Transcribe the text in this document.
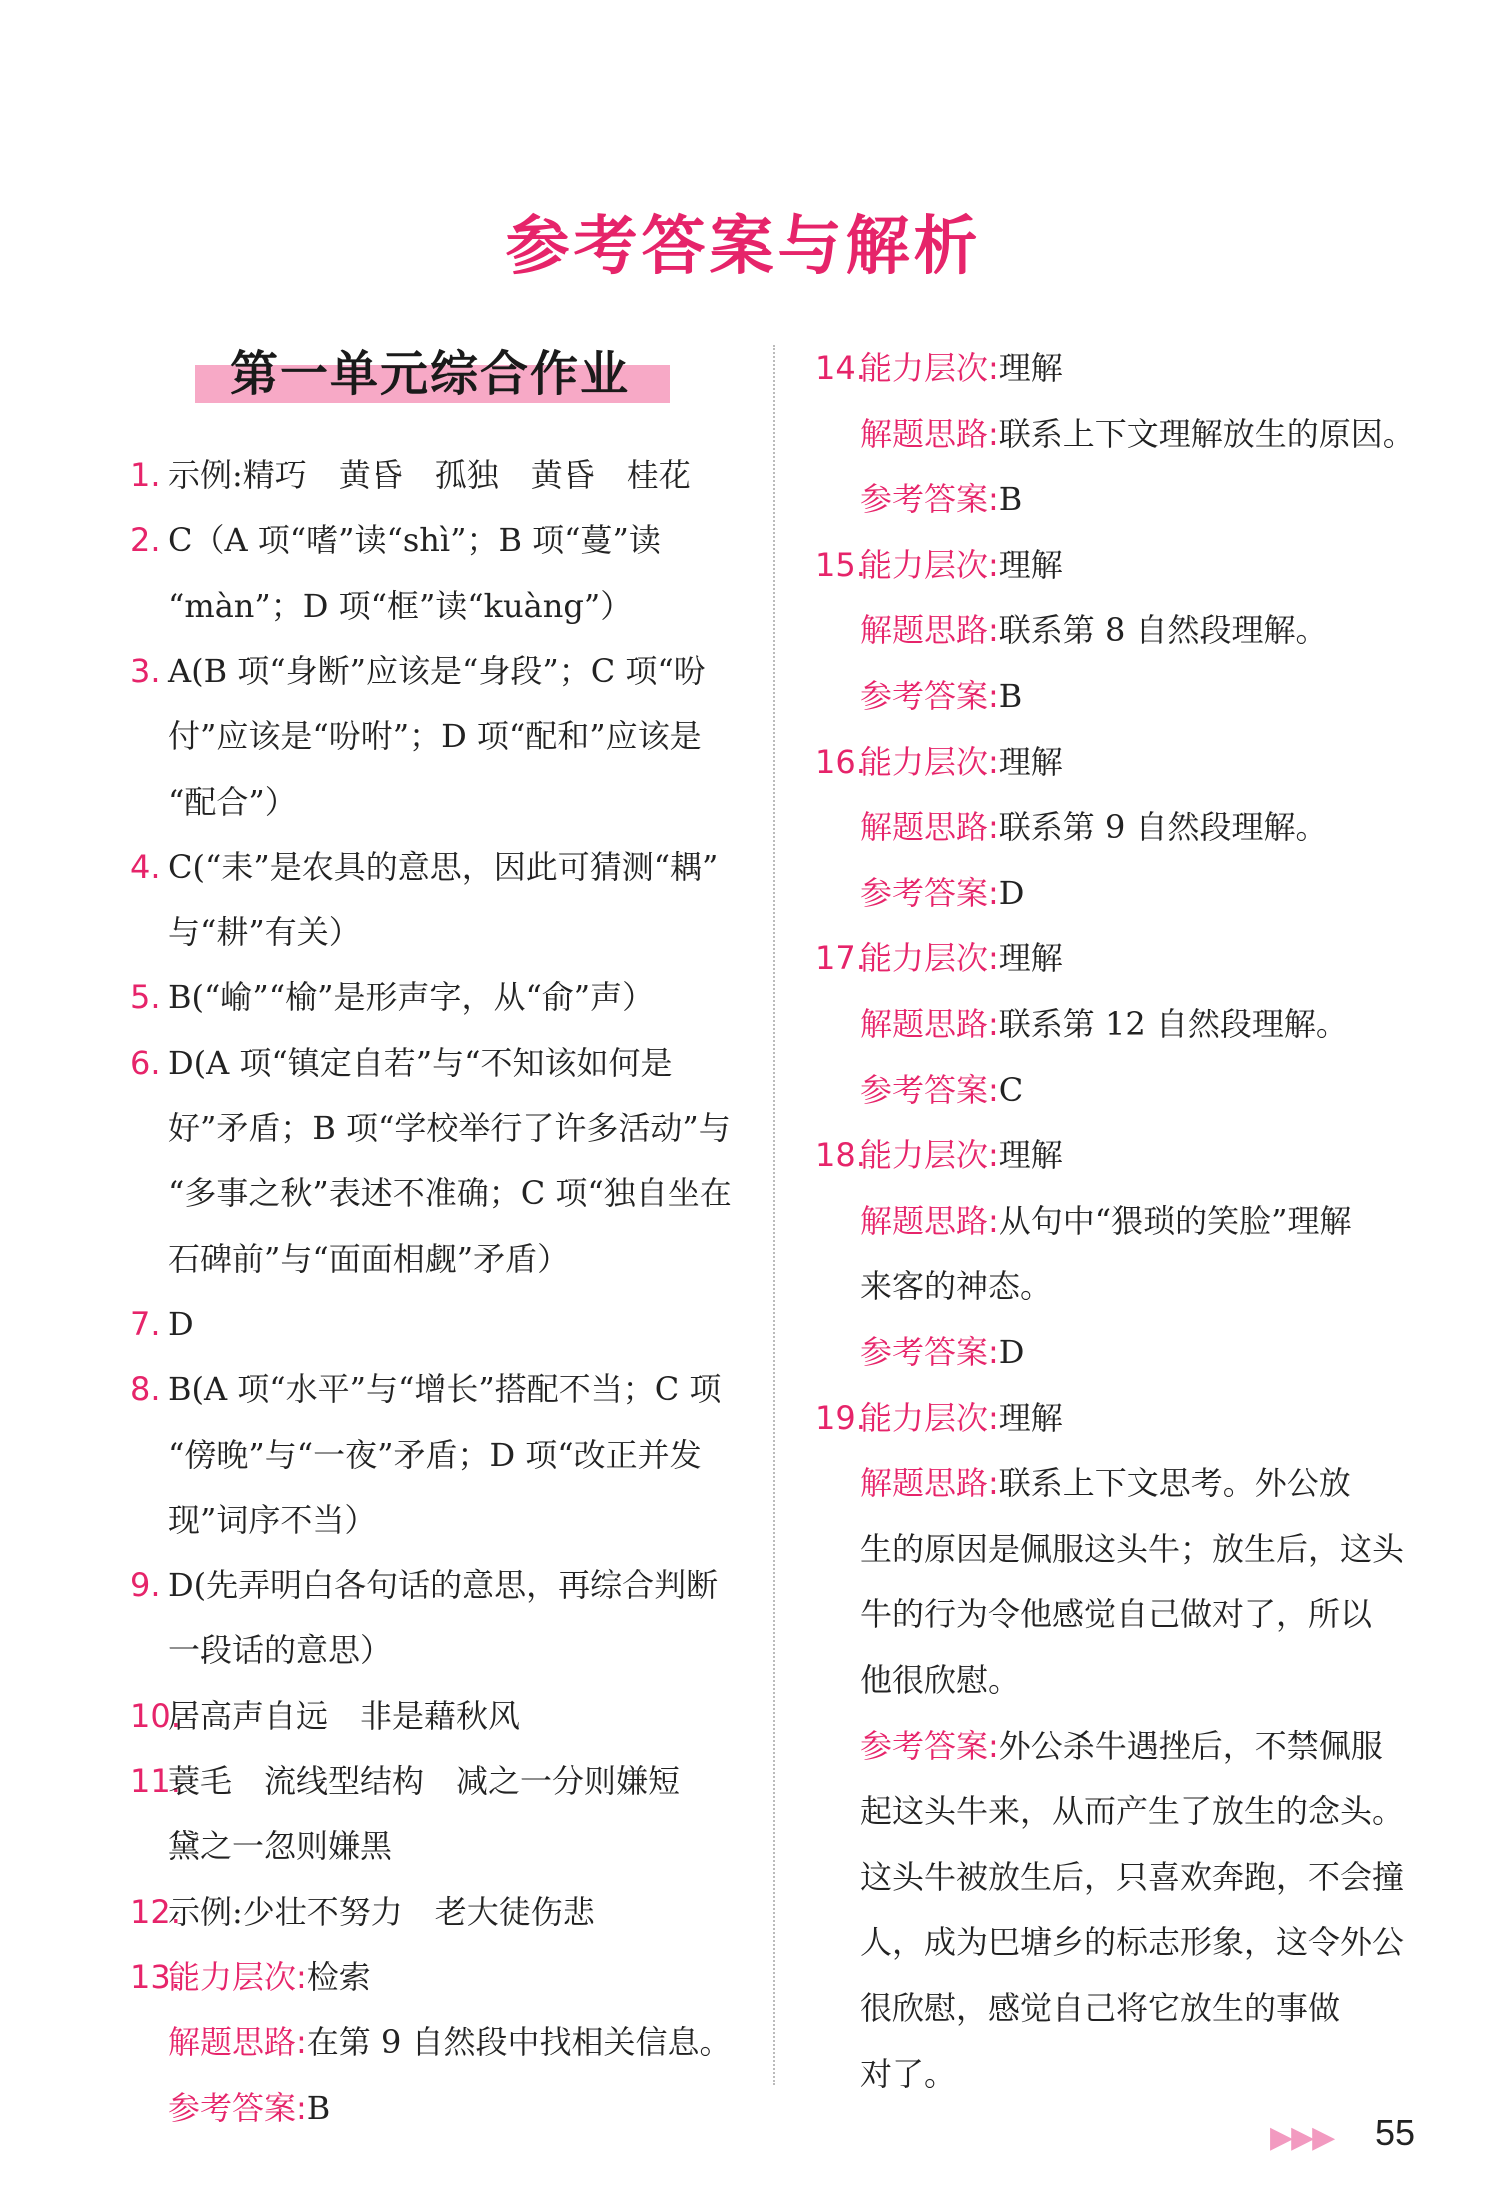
参考答案与解析
第一单元综合作业
1. 示例:精巧　黄昏　孤独　黄昏　桂花
2. C（A 项“嗜”读“shì”；B 项“蔓”读
“màn”；D 项“框”读“kuàng”）
3. A(B 项“身断”应该是“身段”；C 项“吩
付”应该是“吩咐”；D 项“配和”应该是
“配合”）
4. C(“耒”是农具的意思，因此可猜测“耦”
与“耕”有关）
5. B(“崳”“榆”是形声字，从“俞”声）
6. D(A 项“镇定自若”与“不知该如何是
好”矛盾；B 项“学校举行了许多活动”与
“多事之秋”表述不准确；C 项“独自坐在
石碑前”与“面面相觑”矛盾）
7. D
8. B(A 项“水平”与“增长”搭配不当；C 项
“傍晚”与“一夜”矛盾；D 项“改正并发
现”词序不当）
9. D(先弄明白各句话的意思，再综合判断
一段话的意思）
10.
居高声自远　非是藉秋风
11.
蓑毛　流线型结构　减之一分则嫌短
黛之一忽则嫌黑
12.
示例:少壮不努力　老大徒伤悲
13.
能力层次:检索
解题思路:在第 9 自然段中找相关信息。
参考答案:B
14.
能力层次:理解
解题思路:联系上下文理解放生的原因。
参考答案:B
15.
能力层次:理解
解题思路:联系第 8 自然段理解。
参考答案:B
16.
能力层次:理解
解题思路:联系第 9 自然段理解。
参考答案:D
17.
能力层次:理解
解题思路:联系第 12 自然段理解。
参考答案:C
18.
能力层次:理解
解题思路:从句中“猥琐的笑脸”理解
来客的神态。
参考答案:D
19.
能力层次:理解
解题思路:联系上下文思考。外公放
生的原因是佩服这头牛；放生后，这头
牛的行为令他感觉自己做对了，所以
他很欣慰。
参考答案:外公杀牛遇挫后，不禁佩服
起这头牛来，从而产生了放生的念头。
这头牛被放生后，只喜欢奔跑，不会撞
人，成为巴塘乡的标志形象，这令外公
很欣慰，感觉自己将它放生的事做
对了。
▶▶▶ 55
